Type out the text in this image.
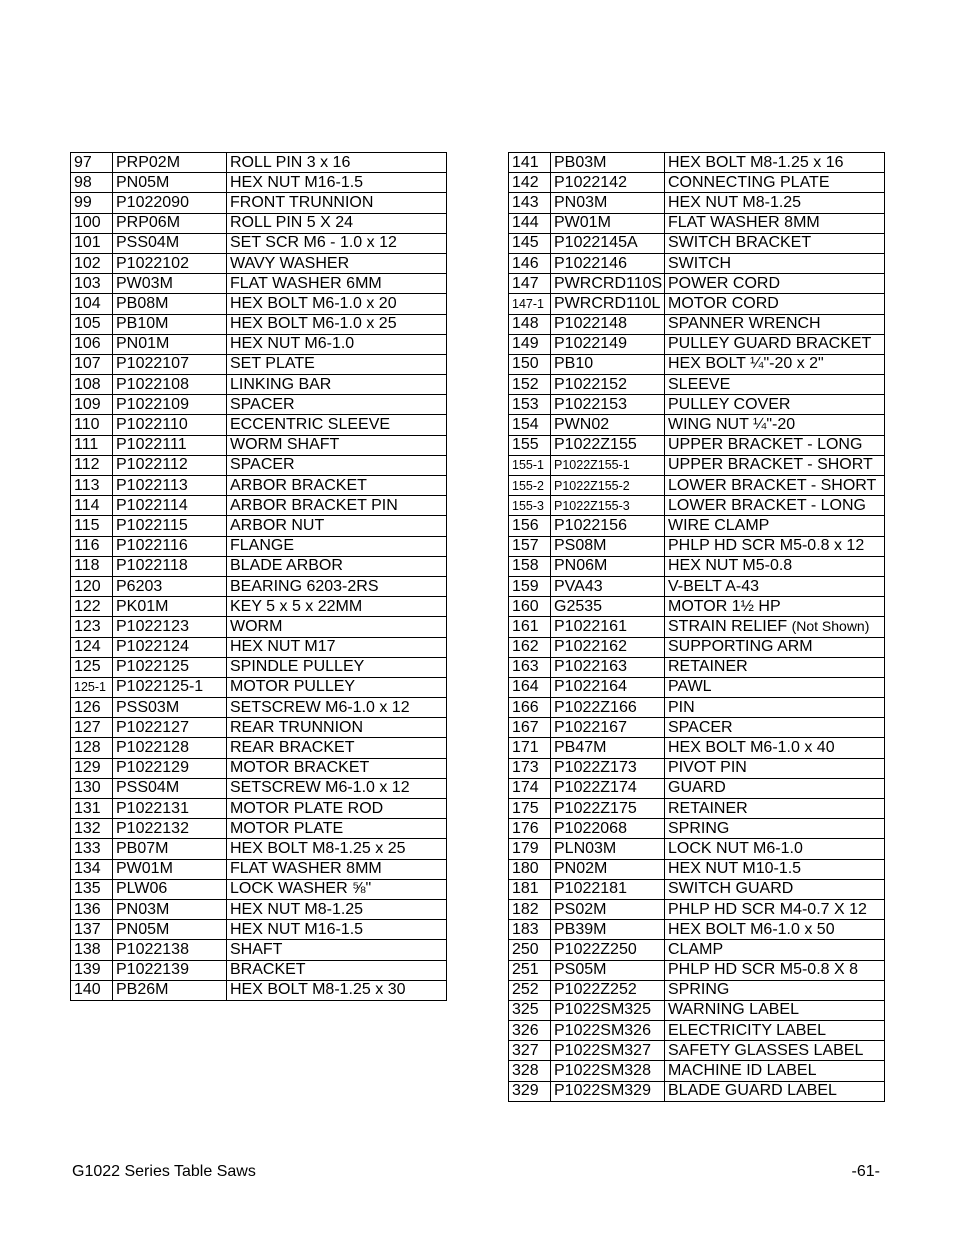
97	PRP02M	ROLL PIN 3 x 16
98	PN05M	HEX NUT M16-1.5
99	P1022090	FRONT TRUNNION
100	PRP06M	ROLL PIN 5 X 24
101	PSS04M	SET SCR M6 - 1.0 x 12
102	P1022102	WAVY WASHER
103	PW03M	FLAT WASHER 6MM
104	PB08M	HEX BOLT M6-1.0 x 20
105	PB10M	HEX BOLT M6-1.0 x 25
106	PN01M	HEX NUT M6-1.0
107	P1022107	SET PLATE
108	P1022108	LINKING BAR
109	P1022109	SPACER
110	P1022110	ECCENTRIC SLEEVE
111	P1022111	WORM SHAFT
112	P1022112	SPACER
113	P1022113	ARBOR BRACKET
114	P1022114	ARBOR BRACKET PIN
115	P1022115	ARBOR NUT
116	P1022116	FLANGE
118	P1022118	BLADE ARBOR
120	P6203	BEARING 6203-2RS
122	PK01M	KEY 5 x 5 x 22MM
123	P1022123	WORM
124	P1022124	HEX NUT M17
125	P1022125	SPINDLE PULLEY
125-1	P1022125-1	MOTOR PULLEY
126	PSS03M	SETSCREW M6-1.0 x 12
127	P1022127	REAR TRUNNION
128	P1022128	REAR BRACKET
129	P1022129	MOTOR BRACKET
130	PSS04M	SETSCREW M6-1.0 x 12
131	P1022131	MOTOR PLATE ROD
132	P1022132	MOTOR PLATE
133	PB07M	HEX BOLT M8-1.25 x 25
134	PW01M	FLAT WASHER 8MM
135	PLW06	LOCK WASHER ⅝"
136	PN03M	HEX NUT M8-1.25
137	PN05M	HEX NUT M16-1.5
138	P1022138	SHAFT
139	P1022139	BRACKET
140	PB26M	HEX BOLT M8-1.25 x 30
141	PB03M	HEX BOLT M8-1.25 x 16
142	P1022142	CONNECTING PLATE
143	PN03M	HEX NUT M8-1.25
144	PW01M	FLAT WASHER 8MM
145	P1022145A	SWITCH BRACKET
146	P1022146	SWITCH
147	PWRCRD110S	POWER CORD
147-1	PWRCRD110L	MOTOR CORD
148	P1022148	SPANNER WRENCH
149	P1022149	PULLEY GUARD BRACKET
150	PB10	HEX BOLT ¼"-20 x 2"
152	P1022152	SLEEVE
153	P1022153	PULLEY COVER
154	PWN02	WING NUT ¼"-20
155	P1022Z155	UPPER BRACKET - LONG
155-1	P1022Z155-1	UPPER BRACKET - SHORT
155-2	P1022Z155-2	LOWER BRACKET - SHORT
155-3	P1022Z155-3	LOWER BRACKET - LONG
156	P1022156	WIRE CLAMP
157	PS08M	PHLP HD SCR M5-0.8 x 12
158	PN06M	HEX NUT M5-0.8
159	PVA43	V-BELT A-43
160	G2535	MOTOR 1½ HP
161	P1022161	STRAIN RELIEF (Not Shown)
162	P1022162	SUPPORTING ARM
163	P1022163	RETAINER
164	P1022164	PAWL
166	P1022Z166	PIN
167	P1022167	SPACER
171	PB47M	HEX BOLT M6-1.0 x 40
173	P1022Z173	PIVOT PIN
174	P1022Z174	GUARD
175	P1022Z175	RETAINER
176	P1022068	SPRING
179	PLN03M	LOCK NUT M6-1.0
180	PN02M	HEX NUT M10-1.5
181	P1022181	SWITCH GUARD
182	PS02M	PHLP HD SCR M4-0.7 X 12
183	PB39M	HEX BOLT M6-1.0 x 50
250	P1022Z250	CLAMP
251	PS05M	PHLP HD SCR M5-0.8 X 8
252	P1022Z252	SPRING
325	P1022SM325	WARNING LABEL
326	P1022SM326	ELECTRICITY LABEL
327	P1022SM327	SAFETY GLASSES LABEL
328	P1022SM328	MACHINE ID LABEL
329	P1022SM329	BLADE GUARD LABEL
G1022 Series Table Saws	-61-
